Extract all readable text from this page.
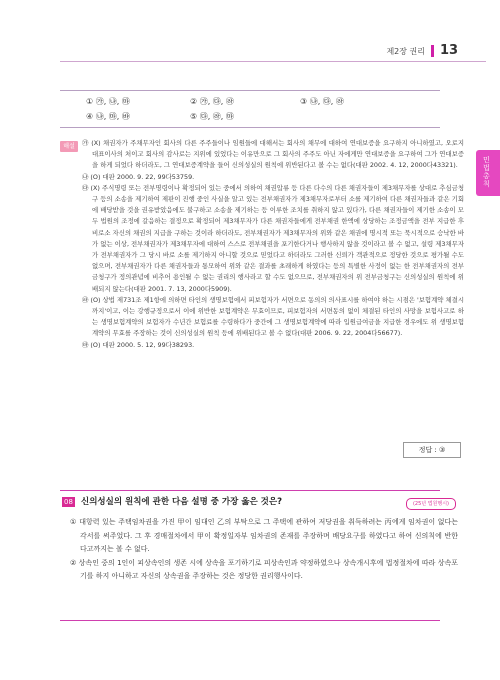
제2장 권리 13
민법총칙
① ㉮, ㉯, ㉲	② ㉮, ㉰, ㉱	③ ㉯, ㉰, ㉱
④ ㉯, ㉲, ㉳	⑤ ㉰, ㉱, ㉲
해설	㉮ (X) 채권자가 주채무자인 회사의 다른 주주들이나 임원들에 대해서는 회사의 채무에 대하여 연대보증을 요구하지 아니하였고, 오로지 대표이사의 처이고 회사의 감사로는 지위에 있었다는 이유만으로 그 회사의 주주도 아닌 자에게만 연대보증을 요구하여 그가 연대보증을 하게 되었다 하더라도, 그 연대보증계약을 들어 신의성실의 원칙에 위반된다고 볼 수는 없다(대판 2002. 4. 12, 2000다43321).

㉯ (O) 대판 2000. 9. 22, 99다53759.

㉰ (X) 주식명령 또는 전부명령이나 확정되어 있는 중에서 의하여 채권압류 등 다른 다수의 다른 채권자들이 제3채무자를 상대로 추심금청구 등의 소송을 제기하여 제판이 진행 중인 사실을 알고 있는 전부채권자가 제3채무자로부터 소를 제기하여 다른 채권자들과 같은 기회에 배당받을 것을 권유받았음에도 불구하고 소송을 제기하는 등 이루한 조치를 취하지 않고 있다가, 다른 채권자들이 제기한 소송이 모두 법원의 조정에 갈음하는 결정으로 확정되어 제3채무자가 다른 채권자들에게 전부채권 한액에 상당하는 조정금액을 전부 지급한 후 비로소 자신의 채권의 지급을 구하는 것이라 하더라도, 전부채권자가 제3채무자의 위와 같은 채권에 명시적 또는 묵시적으로 승낙한 바가 없는 이상, 전부채권자가 제3채무자에 대하여 스스로 전부채권을 포기한다거나 행사하지 않을 것이라고 볼 수 없고, 설령 제3채무자가 전부채권자가 그 당시 바로 소를 제기하지 아니할 것으로 믿었다고 하더라도 그러한 신뢰가 객관적으로 정당한 것으로 평가될 수도 없으며, 전부채권자가 다른 채권자들과 통모하여 위와 같은 결과를 초래하게 하였다는 등의 특별한 사정이 없는 한 전부채권자의 전부금청구가 정의관념에 비추어 용인될 수 없는 권리의 행사라고 할 수도 없으므로, 전부채권자의 위 전부금청구는 신의성실의 원칙에 위배되지 않는다(대판 2001. 7. 13, 2000다5909).

㉱ (O) 상법 제731조 제1항에 의하면 타인의 생명보험에서 피보험자가 서면으로 동의의 의사표시를 하여야 하는 시점은 '보험계약 체결시까지'이고, 이는 강행규정으로서 이에 위반한 보험계약은 무효이므로, 피보험자의 서면동의 없이 체결된 타인의 사망을 보험사고로 하는 생명보험계약의 보험자가 수년간 보험료를 수령하다가 중간에 그 생명보험계약에 따라 입원급여금을 지급한 경우에도 위 생명보험계약의 무효를 주장하는 것이 신의성실의 원칙 등에 위배된다고 볼 수 없다(대판 2006. 9. 22, 2004다56677).

㉲ (O) 대판 2000. 5. 12, 99다38293.

정답 : ③
08 신의성실의 원칙에 관한 다음 설명 중 가장 옳은 것은?	(25년 법원행시)

① 대항력 있는 주택임차권을 가진 甲이 임대인 乙의 부탁으로 그 주택에 관하여 저당권을 취득하려는 丙에게 임차권이 없다는 각서를 써주었다. 그 후 경매절차에서 甲이 확정일자부 임차권의 존재를 주장하며 배당요구를 하였다고 하여 신의칙에 반한다고까지는 볼 수 없다.

② 상속인 중의 1인이 피상속인의 생존 시에 상속을 포기하기로 피상속인과 약정하였으나 상속개시후에 법정절차에 따라 상속포기를 하지 아니하고 자신의 상속권을 주장하는 것은 정당한 권리행사이다.
